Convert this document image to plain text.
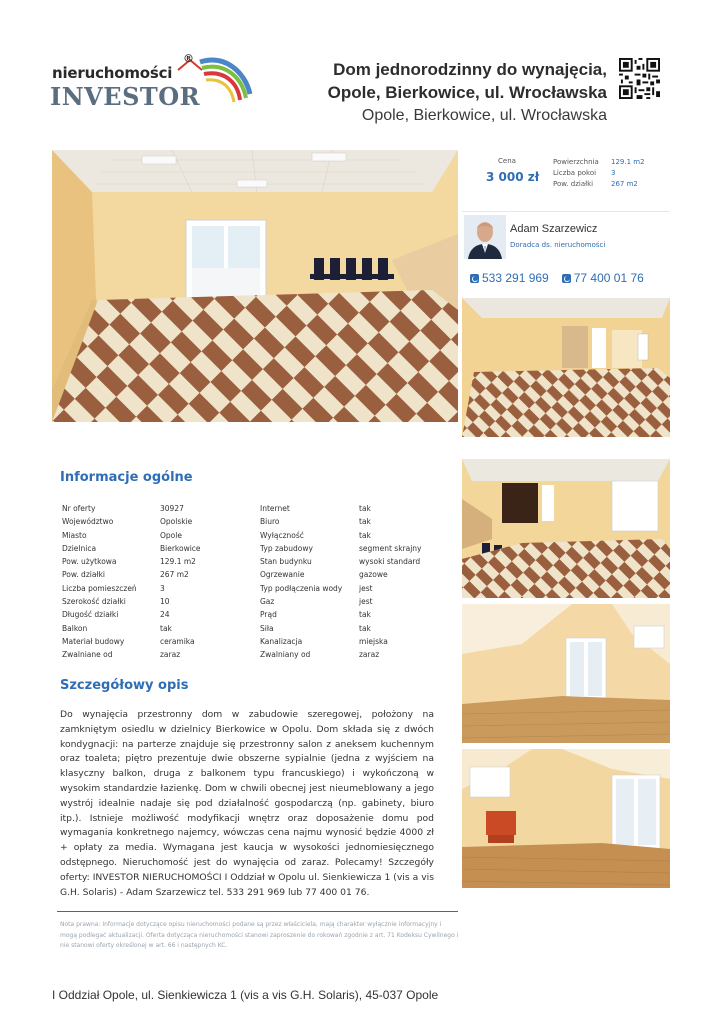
nieruchomości
®
INVESTOR
Dom jednorodzinny do wynajęcia, Opole, Bierkowice, ul. Wrocławska
Opole, Bierkowice, ul. Wrocławska
Cena
3 000 zł
Powierzchnia	129.1 m2
Liczba pokoi	3
Pow. działki	267 m2
Adam Szarzewicz
Doradca ds. nieruchomości
533 291 969 77 400 01 76
Informacje ogólne
Nr oferty	30927	Internet	tak
Województwo	Opolskie	Biuro	tak
Miasto	Opole	Wyłączność	tak
Dzielnica	Bierkowice	Typ zabudowy	segment skrajny
Pow. użytkowa	129.1 m2	Stan budynku	wysoki standard
Pow. działki	267 m2	Ogrzewanie	gazowe
Liczba pomieszczeń	3	Typ podłączenia wody	jest
Szerokość działki	10	Gaz	jest
Długość działki	24	Prąd	tak
Balkon	tak	Siła	tak
Materiał budowy	ceramika	Kanalizacja	miejska
Zwalniane od	zaraz	Zwalniany od	zaraz
Szczegółowy opis
Do wynajęcia przestronny dom w zabudowie szeregowej, położony na zamkniętym osiedlu w dzielnicy Bierkowice w Opolu. Dom składa się z dwóch kondygnacji: na parterze znajduje się przestronny salon z aneksem kuchennym oraz toaleta; piętro prezentuje dwie obszerne sypialnie (jedna z wyjściem na klasyczny balkon, druga z balkonem typu francuskiego) i wykończoną w wysokim standardzie łazienkę. Dom w chwili obecnej jest nieumeblowany a jego wystrój idealnie nadaje się pod działalność gospodarczą (np. gabinety, biuro itp.). Istnieje możliwość modyfikacji wnętrz oraz doposażenie domu pod wymagania konkretnego najemcy, wówczas cena najmu wynosić będzie 4000 zł + opłaty za media. Wymagana jest kaucja w wysokości jednomiesięcznego odstępnego. Nieruchomość jest do wynajęcia od zaraz. Polecamy! Szczegóły oferty: INVESTOR NIERUCHOMOŚCI I Oddział w Opolu ul. Sienkiewicza 1 (vis a vis G.H. Solaris) - Adam Szarzewicz tel. 533 291 969 lub 77 400 01 76.
Nota prawna: Informacje dotyczące opisu nieruchomości podane są przez właściciela, mają charakter wyłącznie informacyjny i mogą podlegać aktualizacji. Oferta dotycząca nieruchomości stanowi zaproszenie do rokowań zgodnie z art. 71 Kodeksu Cywilnego i nie stanowi oferty określonej w art. 66 i następnych KC.
I Oddział Opole, ul. Sienkiewicza 1 (vis a vis G.H. Solaris), 45-037 Opole
